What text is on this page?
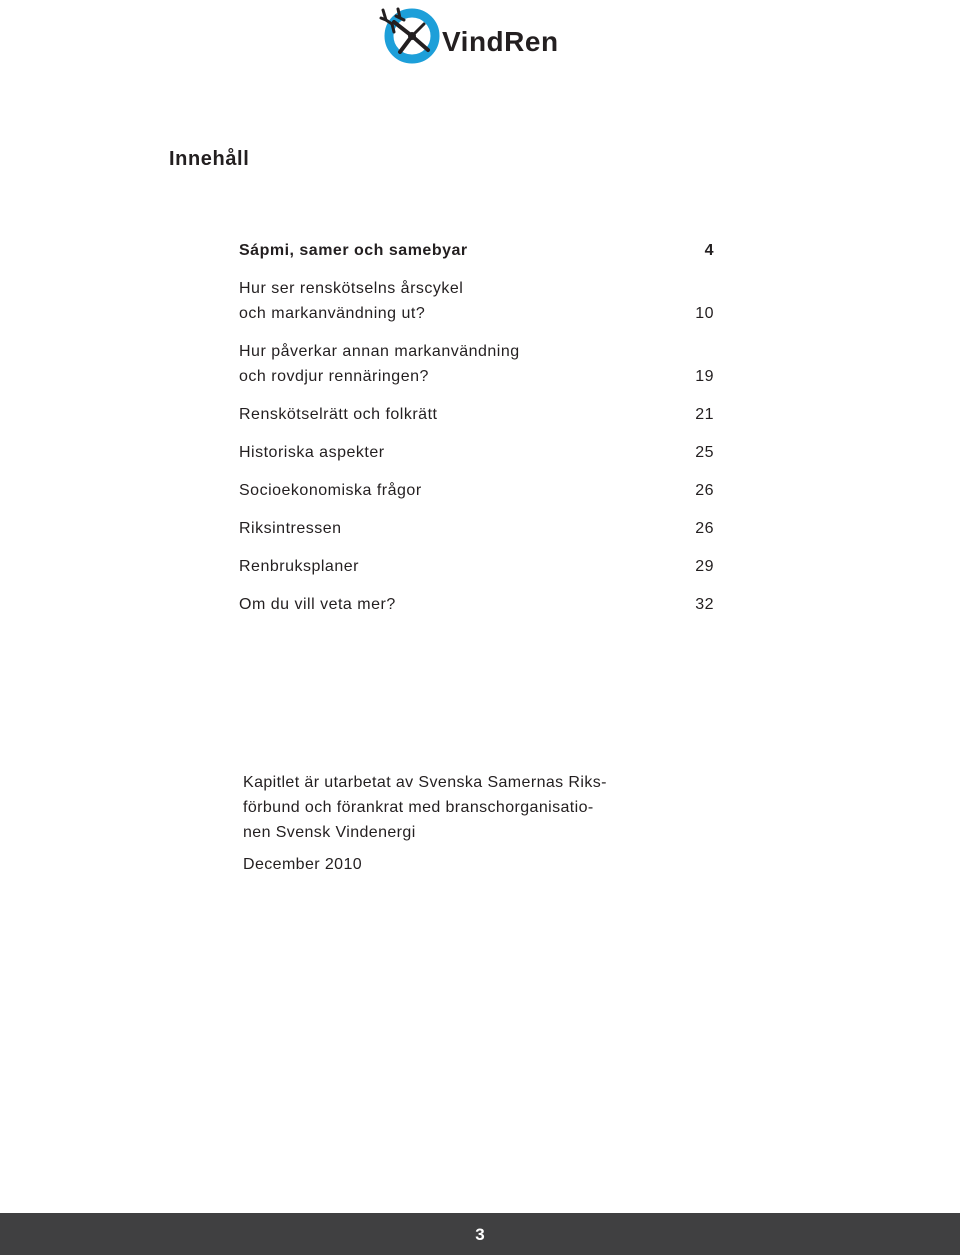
VindRen
Innehåll
Sápmi, samer och samebyar	4
Hur ser renskötselns årscykel
och markanvändning ut?	10
Hur påverkar annan markanvändning
och rovdjur rennäringen?	19
Renskötselrätt och folkrätt	21
Historiska aspekter	25
Socioekonomiska frågor	26
Riksintressen	26
Renbruksplaner	29
Om du vill veta mer?	32
Kapitlet är utarbetat av Svenska Samernas Riks-
förbund och förankrat med branschorganisatio-
nen Svensk Vindenergi
December 2010
3
